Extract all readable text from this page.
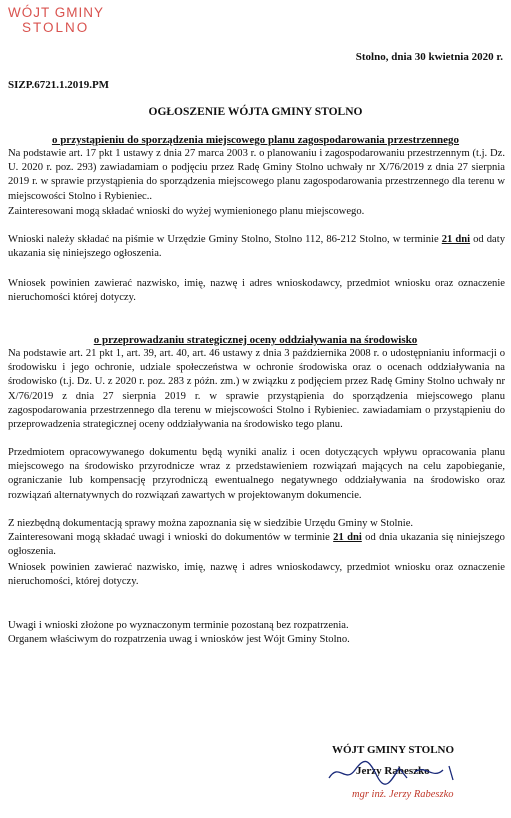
WÓJT GMINY
STOLNO
Stolno, dnia 30 kwietnia 2020 r.
SIZP.6721.1.2019.PM
OGŁOSZENIE WÓJTA GMINY STOLNO
o przystąpieniu do sporządzenia miejscowego planu zagospodarowania przestrzennego
Na podstawie art. 17 pkt 1 ustawy z dnia 27 marca 2003 r. o planowaniu i zagospodarowaniu przestrzennym (t.j. Dz. U. 2020 r. poz. 293) zawiadamiam o podjęciu przez Radę Gminy Stolno uchwały nr X/76/2019 z dnia 27 sierpnia 2019 r. w sprawie przystąpienia do sporządzenia miejscowego planu zagospodarowania przestrzennego dla terenu w miejscowości Stolno i Rybieniec..
Zainteresowani mogą składać wnioski do wyżej wymienionego planu miejscowego.
Wnioski należy składać na piśmie w Urzędzie Gminy Stolno, Stolno 112, 86-212 Stolno, w terminie 21 dni od daty ukazania się niniejszego ogłoszenia.
Wniosek powinien zawierać nazwisko, imię, nazwę i adres wnioskodawcy, przedmiot wniosku oraz oznaczenie nieruchomości której dotyczy.
o przeprowadzaniu strategicznej oceny oddziaływania na środowisko
Na podstawie art. 21 pkt 1, art. 39, art. 40, art. 46 ustawy z dnia 3 października 2008 r. o udostępnianiu informacji o środowisku i jego ochronie, udziale społeczeństwa w ochronie środowiska oraz o ocenach oddziaływania na środowisko (t.j. Dz. U. z 2020 r. poz. 283 z późn. zm.) w związku z podjęciem przez Radę Gminy Stolno uchwały nr X/76/2019 z dnia 27 sierpnia 2019 r. w sprawie przystąpienia do sporządzenia miejscowego planu zagospodarowania przestrzennego dla terenu w miejscowości Stolno i Rybieniec. zawiadamiam o przystąpieniu do przeprowadzenia strategicznej oceny oddziaływania na środowisko tego planu.
Przedmiotem opracowywanego dokumentu będą wyniki analiz i ocen dotyczących wpływu opracowania planu miejscowego na środowisko przyrodnicze wraz z przedstawieniem rozwiązań mających na celu zapobieganie, ograniczanie lub kompensację przyrodniczą ewentualnego negatywnego oddziaływania na środowisko oraz rozwiązań alternatywnych do rozwiązań zawartych w projektowanym dokumencie.
Z niezbędną dokumentacją sprawy można zapoznania się w siedzibie Urzędu Gminy w Stolnie.
Zainteresowani mogą składać uwagi i wnioski do dokumentów w terminie 21 dni od dnia ukazania się niniejszego ogłoszenia.
Wniosek powinien zawierać nazwisko, imię, nazwę i adres wnioskodawcy, przedmiot wniosku oraz oznaczenie nieruchomości, której dotyczy.
Uwagi i wnioski złożone po wyznaczonym terminie pozostaną bez rozpatrzenia.
Organem właściwym do rozpatrzenia uwag i wniosków jest Wójt Gminy Stolno.
WÓJT GMINY STOLNO
Jerzy Rabeszko
mgr inż. Jerzy Rabeszko
